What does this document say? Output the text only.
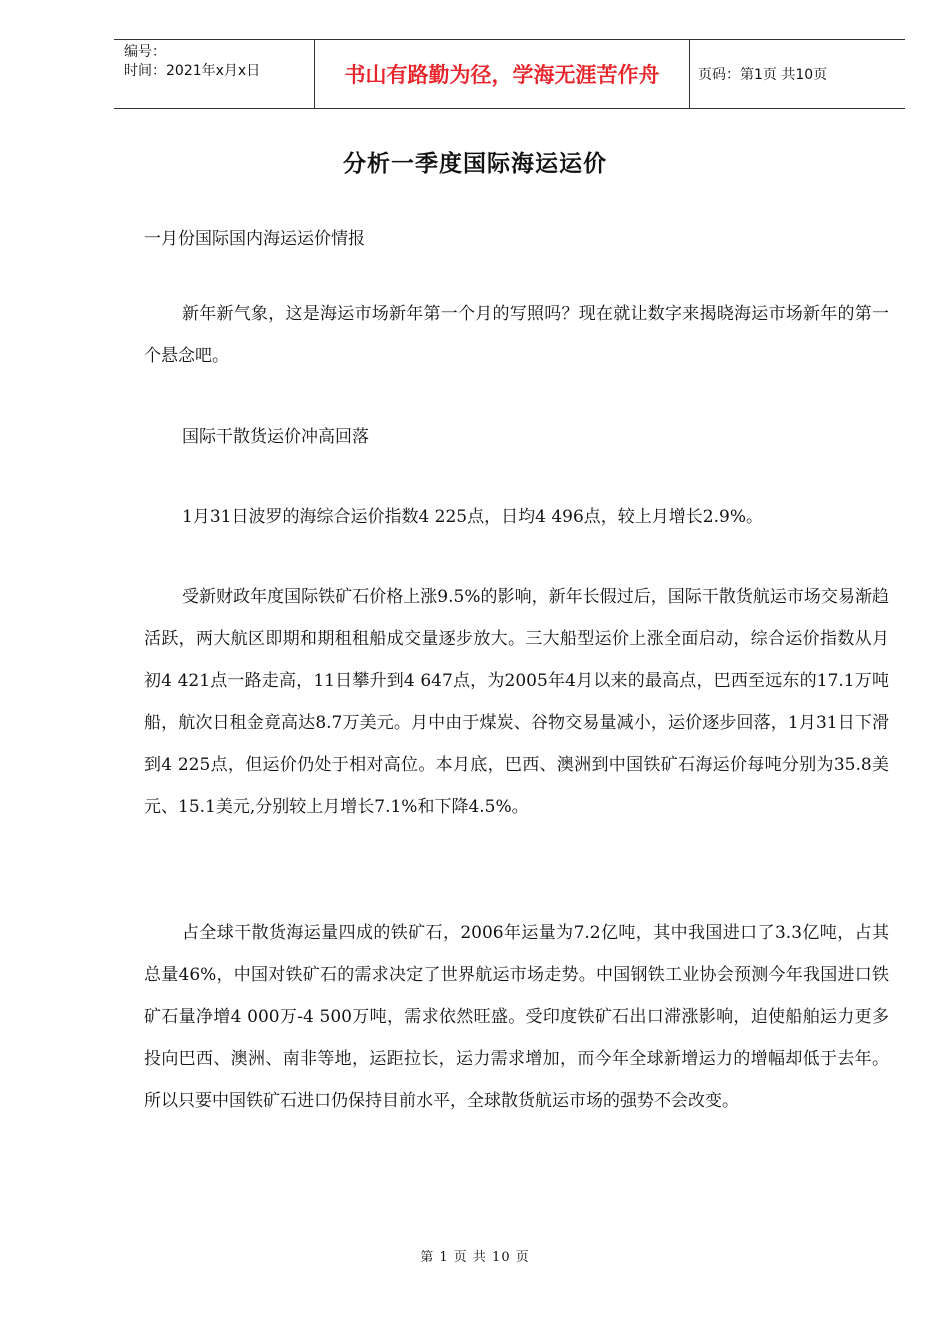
编号：
时间：2021年x月x日	书山有路勤为径，学海无涯苦作舟	页码：第1页 共10页
分析一季度国际海运运价

一月份国际国内海运运价情报

新年新气象，这是海运市场新年第一个月的写照吗？现在就让数字来揭晓海运市场新年的第一个悬念吧。

国际干散货运价冲高回落

1月31日波罗的海综合运价指数4 225点，日均4 496点，较上月增长2.9%。

受新财政年度国际铁矿石价格上涨9.5%的影响，新年长假过后，国际干散货航运市场交易渐趋活跃，两大航区即期和期租租船成交量逐步放大。三大船型运价上涨全面启动，综合运价指数从月初4 421点一路走高，11日攀升到4 647点，为2005年4月以来的最高点，巴西至远东的17.1万吨船，航次日租金竟高达8.7万美元。月中由于煤炭、谷物交易量减小，运价逐步回落，1月31日下滑到4 225点，但运价仍处于相对高位。本月底，巴西、澳洲到中国铁矿石海运价每吨分别为35.8美元、15.1美元,分别较上月增长7.1%和下降4.5%。

占全球干散货海运量四成的铁矿石，2006年运量为7.2亿吨，其中我国进口了3.3亿吨，占其总量46%，中国对铁矿石的需求决定了世界航运市场走势。中国钢铁工业协会预测今年我国进口铁矿石量净增4 000万-4 500万吨，需求依然旺盛。受印度铁矿石出口滞涨影响，迫使船舶运力更多投向巴西、澳洲、南非等地，运距拉长，运力需求增加，而今年全球新增运力的增幅却低于去年。所以只要中国铁矿石进口仍保持目前水平，全球散货航运市场的强势不会改变。

第 1 页 共 10 页
